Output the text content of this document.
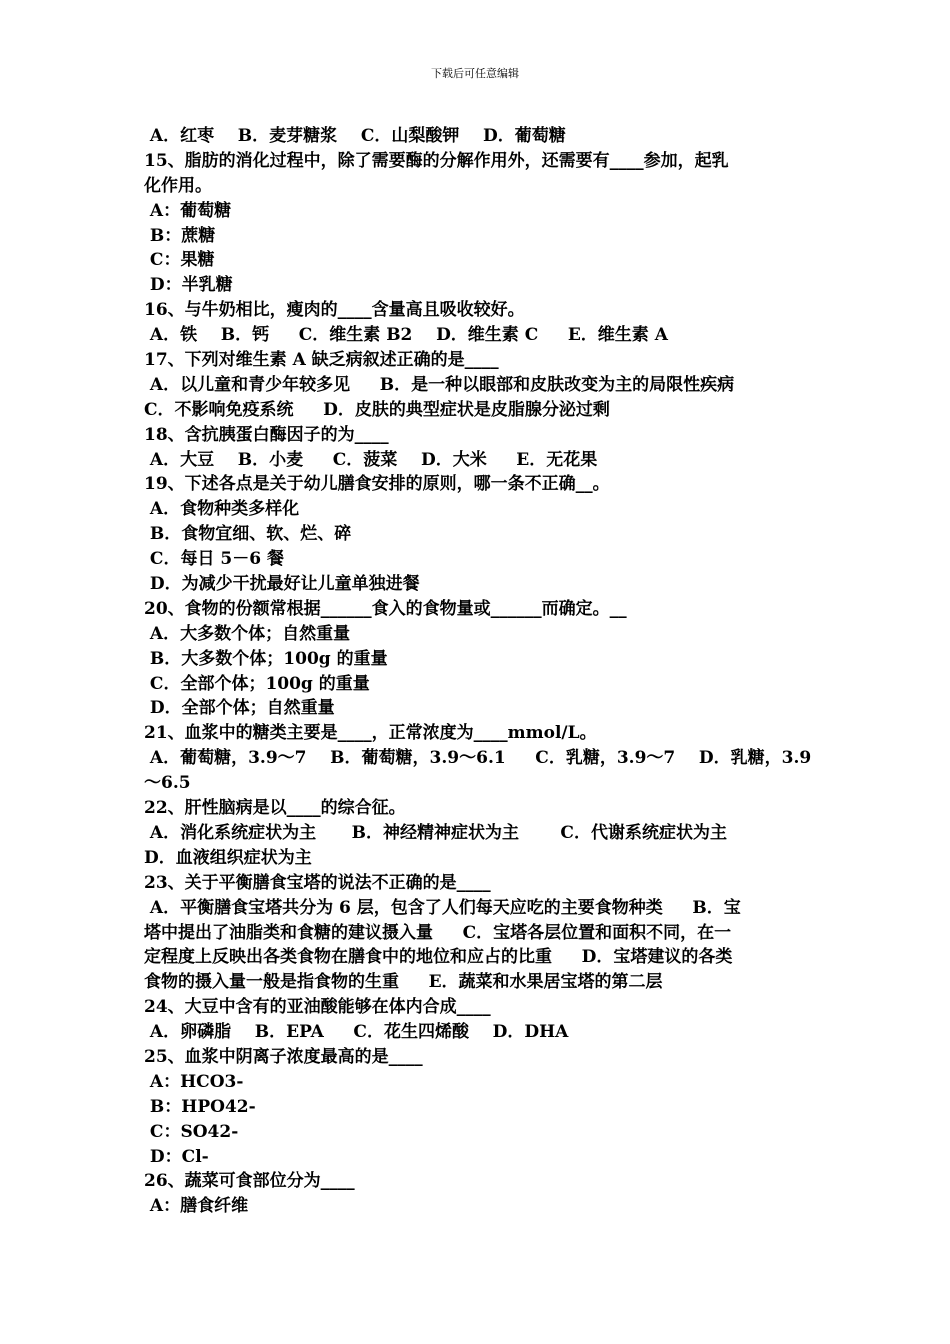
下载后可任意编辑
A．红枣    B．麦芽糖浆    C．山梨酸钾    D．葡萄糖
15、脂肪的消化过程中，除了需要酶的分解作用外，还需要有____参加，起乳
化作用。
A：葡萄糖
B：蔗糖
C：果糖
D：半乳糖
16、与牛奶相比，瘦肉的____含量高且吸收较好。
A．铁    B．钙     C．维生素 B2    D．维生素 C     E．维生素 A
17、下列对维生素 A 缺乏病叙述正确的是____
A．以儿童和青少年较多见     B．是一种以眼部和皮肤改变为主的局限性疾病
C．不影响免疫系统     D．皮肤的典型症状是皮脂腺分泌过剩
18、含抗胰蛋白酶因子的为____
A．大豆    B．小麦     C．菠菜    D．大米     E．无花果
19、下述各点是关于幼儿膳食安排的原则，哪一条不正确__。
A．食物种类多样化
B．食物宜细、软、烂、碎
C．每日 5－6 餐
D．为减少干扰最好让儿童单独进餐
20、食物的份额常根据______食入的食物量或______而确定。__
A．大多数个体；自然重量
B．大多数个体；100g 的重量
C．全部个体；100g 的重量
D．全部个体；自然重量
21、血浆中的糖类主要是____，正常浓度为____mmol/L。
A．葡萄糖，3.9～7    B．葡萄糖，3.9～6.1     C．乳糖，3.9～7    D．乳糖，3.9
～6.5
22、肝性脑病是以____的综合征。
A．消化系统症状为主      B．神经精神症状为主       C．代谢系统症状为主
D．血液组织症状为主
23、关于平衡膳食宝塔的说法不正确的是____
A．平衡膳食宝塔共分为 6 层，包含了人们每天应吃的主要食物种类     B．宝
塔中提出了油脂类和食糖的建议摄入量     C．宝塔各层位置和面积不同，在一
定程度上反映出各类食物在膳食中的地位和应占的比重     D．宝塔建议的各类
食物的摄入量一般是指食物的生重     E．蔬菜和水果居宝塔的第二层
24、大豆中含有的亚油酸能够在体内合成____
A．卵磷脂    B．EPA     C．花生四烯酸    D．DHA
25、血浆中阴离子浓度最高的是____
A：HCO3-
B：HPO42-
C：SO42-
D：Cl-
26、蔬菜可食部位分为____
A：膳食纤维
